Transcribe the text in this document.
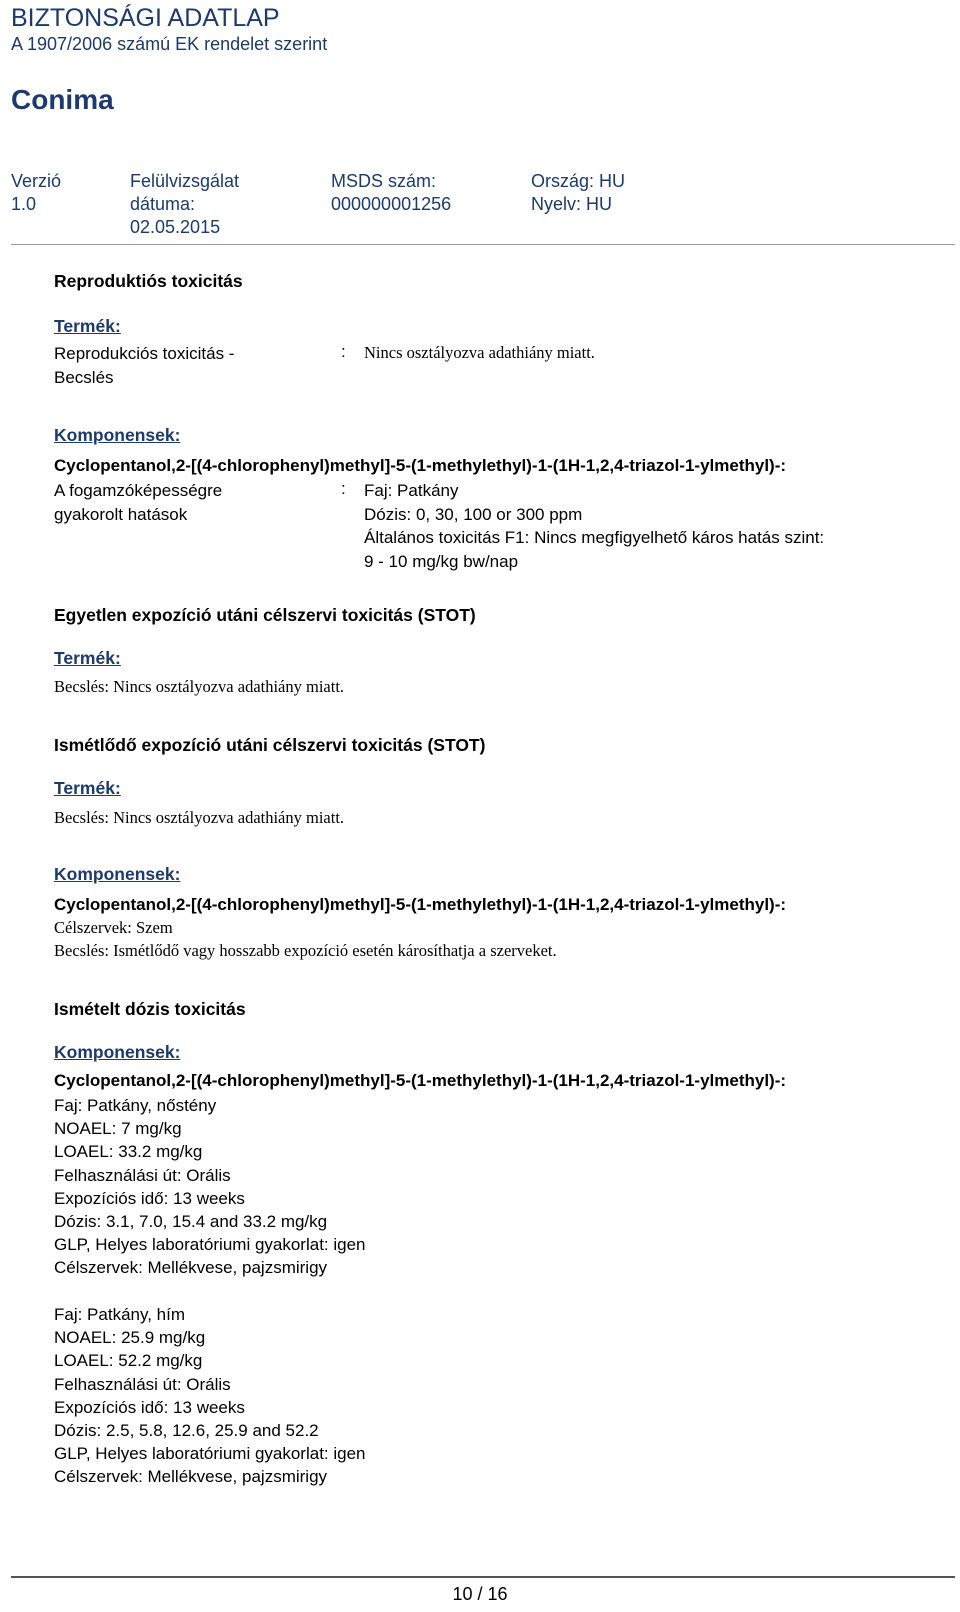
BIZTONSÁGI ADATLAP
A 1907/2006 számú EK rendelet szerint
Conima
Verzió
1.0
Felülvizsgálat
dátuma:
02.05.2015
MSDS szám:
000000001256
Ország: HU
Nyelv: HU
Reproduktiós toxicitás
Termék:
Reprodukciós toxicitás -
Becslés
: Nincs osztályozva adathiány miatt.
Komponensek:
Cyclopentanol,2-[(4-chlorophenyl)methyl]-5-(1-methylethyl)-1-(1H-1,2,4-triazol-1-ylmethyl)-:
A fogamzóképességre
gyakorolt hatások
: Faj: Patkány
Dózis: 0, 30, 100 or 300 ppm
Általános toxicitás F1: Nincs megfigyelhető káros hatás szint:
9 - 10 mg/kg bw/nap
Egyetlen expozíció utáni célszervi toxicitás (STOT)
Termék:
Becslés: Nincs osztályozva adathiány miatt.
Ismétlődő expozíció utáni célszervi toxicitás (STOT)
Termék:
Becslés: Nincs osztályozva adathiány miatt.
Komponensek:
Cyclopentanol,2-[(4-chlorophenyl)methyl]-5-(1-methylethyl)-1-(1H-1,2,4-triazol-1-ylmethyl)-:
Célszervek: Szem
Becslés: Ismétlődő vagy hosszabb expozíció esetén károsíthatja a szerveket.
Ismételt dózis toxicitás
Komponensek:
Cyclopentanol,2-[(4-chlorophenyl)methyl]-5-(1-methylethyl)-1-(1H-1,2,4-triazol-1-ylmethyl)-:
Faj: Patkány, nőstény
NOAEL: 7 mg/kg
LOAEL: 33.2 mg/kg
Felhasználási út: Orális
Expozíciós idő: 13 weeks
Dózis: 3.1, 7.0, 15.4 and 33.2 mg/kg
GLP, Helyes laboratóriumi gyakorlat: igen
Célszervek: Mellékvese, pajzsmirigy
Faj: Patkány, hím
NOAEL: 25.9 mg/kg
LOAEL: 52.2 mg/kg
Felhasználási út: Orális
Expozíciós idő: 13 weeks
Dózis: 2.5, 5.8, 12.6, 25.9 and 52.2
GLP, Helyes laboratóriumi gyakorlat: igen
Célszervek: Mellékvese, pajzsmirigy
10 / 16
